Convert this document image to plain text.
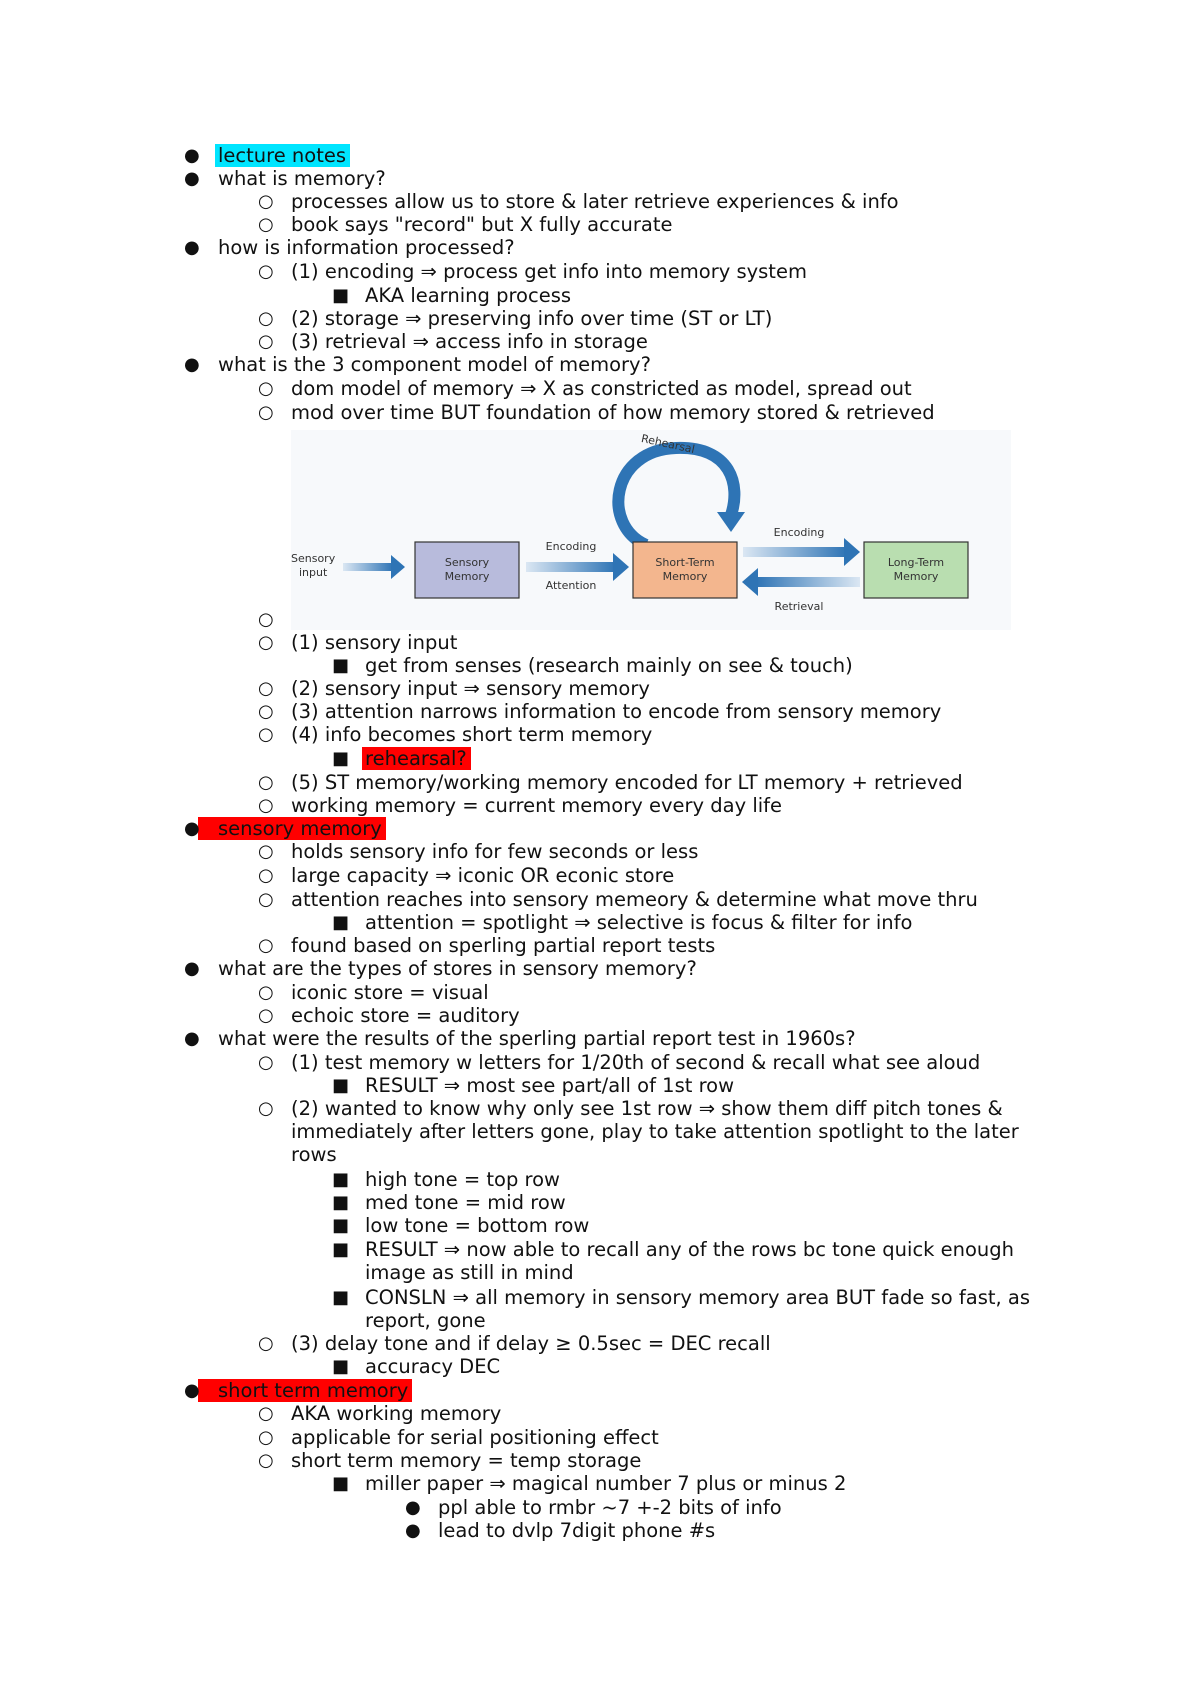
● lecture notes
● what is memory?
○ processes allow us to store & later retrieve experiences & info
○ book says "record" but X fully accurate
● how is information processed?
○ (1) encoding ⇒ process get info into memory system
■ AKA learning process
○ (2) storage ⇒ preserving info over time (ST or LT)
○ (3) retrieval ⇒ access info in storage
● what is the 3 component model of memory?
○ dom model of memory ⇒ X as constricted as model, spread out
○ mod over time BUT foundation of how memory stored & retrieved
Rehearsal
Sensory
input
Sensory
Memory
Encoding
Attention
Short-Term
Memory
Encoding
Retrieval
Long-Term
Memory
○
○ (1) sensory input
■ get from senses (research mainly on see & touch)
○ (2) sensory input ⇒ sensory memory
○ (3) attention narrows information to encode from sensory memory
○ (4) info becomes short term memory
■ rehearsal?
○ (5) ST memory/working memory encoded for LT memory + retrieved
○ working memory = current memory every day life
● sensory memory
○ holds sensory info for few seconds or less
○ large capacity ⇒ iconic OR econic store
○ attention reaches into sensory memeory & determine what move thru
■ attention = spotlight ⇒ selective is focus & filter for info
○ found based on sperling partial report tests
● what are the types of stores in sensory memory?
○ iconic store = visual
○ echoic store = auditory
● what were the results of the sperling partial report test in 1960s?
○ (1) test memory w letters for 1/20th of second & recall what see aloud
■ RESULT ⇒ most see part/all of 1st row
○ (2) wanted to know why only see 1st row ⇒ show them diff pitch tones & immediately after letters gone, play to take attention spotlight to the later rows
■ high tone = top row
■ med tone = mid row
■ low tone = bottom row
■ RESULT ⇒ now able to recall any of the rows bc tone quick enough image as still in mind
■ CONSLN ⇒ all memory in sensory memory area BUT fade so fast, as report, gone
○ (3) delay tone and if delay ≥ 0.5sec = DEC recall
■ accuracy DEC
● short term memory
○ AKA working memory
○ applicable for serial positioning effect
○ short term memory = temp storage
■ miller paper ⇒ magical number 7 plus or minus 2
● ppl able to rmbr ~7 +-2 bits of info
● lead to dvlp 7digit phone #s
